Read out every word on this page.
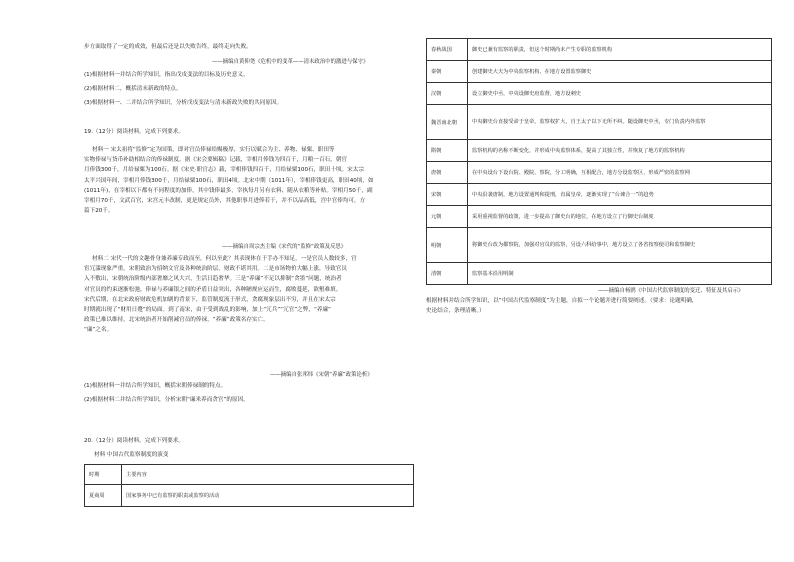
步方面取得了一定的成效，但最后还是以失败告终，最终走向失败。
——摘编自黄仰尧《危机中的变革——清末政治中的激进与保守》
(1)根据材料一并结合所学知识，指出戊戌变法的目标及历史意义。
(2)根据材料二，概括清末新政的特点。
(3)根据材料一、二并结合所学知识，分析戊戌变法与清末新政失败的共同原因。
19.（12分）阅读材料，完成下列要求。
材料一 宋太祖将“监修”定为国策，即对官员俸禄给赐极厚，实行以赋合为主、养物、禄粟、职田等
实物俸禄与货币补助相结合的俸禄制度。据《宋会要辑稿》记载，宰相月俸钱为四百千，月粮一百石，朝官
月俸钱300千，月给禄粟为100石。据《宋史·职官志》载，宰相俸钱四百千，月给禄粟100石，职田十顷。宋太宗
太平兴国年间，宰相月俸钱300千，月给禄粟100石，职田4顷。北宋中期（1011年），宰相俸钱更高，职田40顷，如
(1011年)，在宰相以下都有不同程度的加俸，其中钱俸最多，宰执每月另有衣料、随从衣粮等补贴。宰相月50千，副
宰相月70千，文武百官，宋宫元丰改制，更是规定员外，其他职事月进俸若干，并不以品高低，宫中官俸均可，方
篇下20千。
——摘编自周宗杰主编《宋代的“监修”政策及反思》
材料二 宋代一代的文趣骨身兼养廉专政而至，何以至此？其表现体在于手办不知足，一是官员人数较多，官
宦冗滥现象严重，宋朝致治为招纳文官及各种统治阶层，财政不堪其用。二是市场物价大幅上涨，导致官员
入不敷出，宋朝统治阶级内部奢靡之风大兴，生活日趋奢华。三是“养廉”不足以抑制“贪墨”问题，统治者
对官员的约束逐渐松弛，俸禄与养廉银之间的矛盾日益突出，各种陋规应运而生，腐败蔓延，欲壑难填。
宋代后期，在北宋政府财政危机加剧的背景下，监管制度流于形式，贪腐现象层出不穷，并且在宋太宗
时期就出现了“财用日蹙”的局面。到了南宋，由于受到战乱的影响，加上“冗兵”“冗官”之弊，“养廉”
政策已难以维持，北宋统治者开始削减官员的俸禄，“养廉”政策名存实亡。
“廉”之名。
——摘编自张邦炜《宋朝“养廉”政策论析》
(1)根据材料一并结合所学知识，概括宋朝俸禄制的特点。
(2)根据材料二并结合所学知识，分析宋朝“廉米养而贪官”的原因。
20.（12分）阅读材料，完成下列要求。
材料 中国古代监察制度的演变
时期	主要内容
夏商周	国家事务中已有监察的职责或监察的活动
春秋战国	御史已兼有监察的职责，但这个时期尚未产生专职的监察机构
秦朝	创建御史大夫为中央监察机构，在地方设置监察御史
汉朝	设立御史中丞，中央设御史府监督，地方设刺史
魏晋南北朝	中央御史台直接受命于皇帝，监察权扩大，自王太子以下无所不纠。随设御史中丞，专门负责内外监察
隋朝	监察机构的名称不断变化，并形成中央监察体系，提高了其独立性，并恢复了地方的监察机构
唐朝	在中央设台下设台院、殿院、察院，分工明确，互相配合，地方分设监察区，形成严密的监察网
宋朝	中央沿袭唐制，地方设置通判和提刑，直属皇帝，逐渐实现了“台谏合一”的趋势
元朝	采用重视监督的政策，进一步提高了御史台的地位，在地方设立了行御史台制度
明朝	将御史台改为都察院，加强对官员的监察，另设六科给事中，地方设立了各省按察使司和监察御史
清朝	监察基本沿用明制
——摘编自杨鸥《中国古代监察制度的变迁、特征及其启示》
根据材料并结合所学知识，以“中国古代监察制度”为主题，自拟一个论题并进行简要阐述。（要求：论题明确，
史论结合，条理清晰。）
